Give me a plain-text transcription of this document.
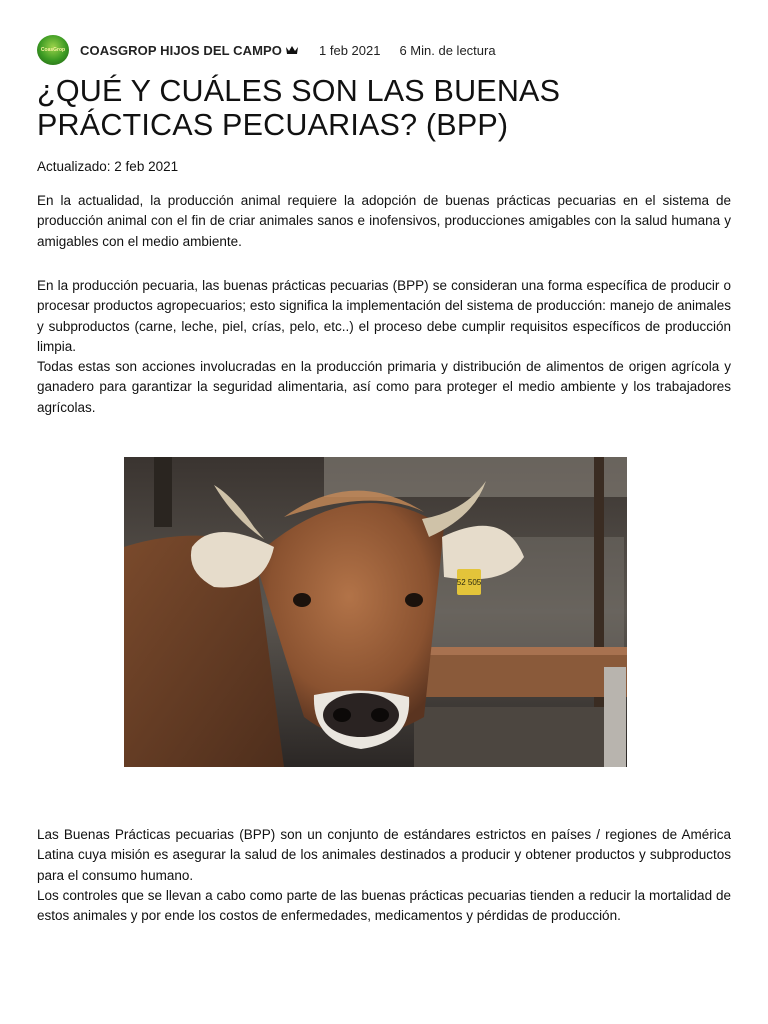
CoasGrop	COASGROP HIJOS DEL CAMPO	1 feb 2021 6 Min. de lectura
¿QUÉ Y CUÁLES SON LAS BUENAS PRÁCTICAS PECUARIAS? (BPP)
Actualizado: 2 feb 2021

En la actualidad, la producción animal requiere la adopción de buenas prácticas pecuarias en el sistema de producción animal con el fin de criar animales sanos e inofensivos, producciones amigables con la salud humana y amigables con el medio ambiente.

En la producción pecuaria, las buenas prácticas pecuarias (BPP) se consideran una forma específica de producir o procesar productos agropecuarios; esto significa la implementación del sistema de producción: manejo de animales y subproductos (carne, leche, piel, crías, pelo, etc..) el proceso debe cumplir requisitos específicos de producción limpia.

Todas estas son acciones involucradas en la producción primaria y distribución de alimentos de origen agrícola y ganadero para garantizar la seguridad alimentaria, así como para proteger el medio ambiente y los trabajadores agrícolas.

52 505

Las Buenas Prácticas pecuarias (BPP) son un conjunto de estándares estrictos en países / regiones de América Latina cuya misión es asegurar la salud de los animales destinados a producir y obtener productos y subproductos para el consumo humano.

Los controles que se llevan a cabo como parte de las buenas prácticas pecuarias tienden a reducir la mortalidad de estos animales y por ende los costos de enfermedades, medicamentos y pérdidas de producción.
